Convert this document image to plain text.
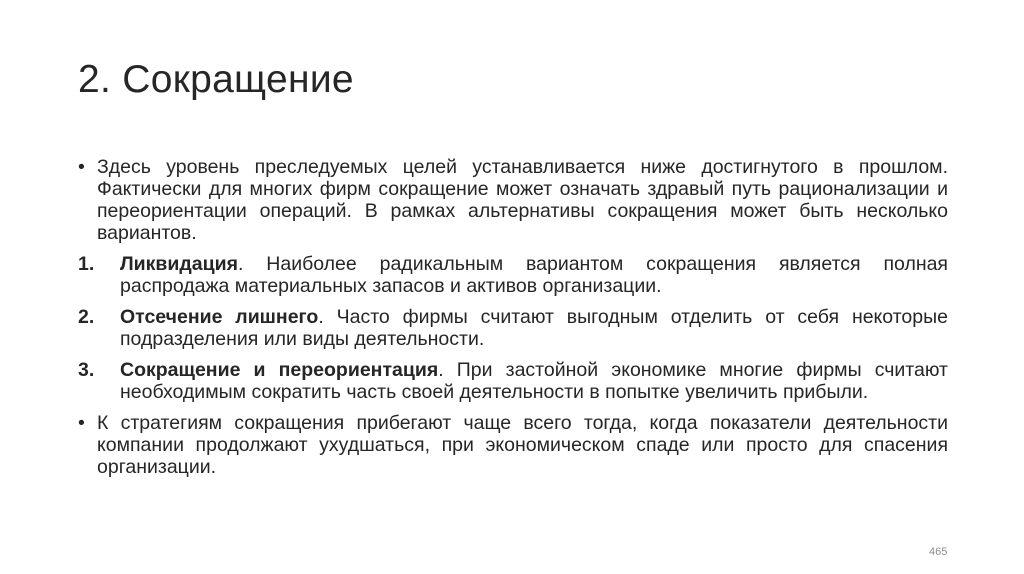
2. Сокращение
• Здесь уровень преследуемых целей устанавливается ниже достигнутого в прошлом. Фактически для многих фирм сокращение может означать здравый путь рационализации и переориентации операций. В рамках альтернативы сокращения может быть несколько вариантов.
1. Ликвидация. Наиболее радикальным вариантом сокращения является полная распродажа материальных запасов и активов организации.
2. Отсечение лишнего. Часто фирмы считают выгодным отделить от себя некоторые подразделения или виды деятельности.
3. Сокращение и переориентация. При застойной экономике многие фирмы считают необходимым сократить часть своей деятельности в попытке увеличить прибыли.
• К стратегиям сокращения прибегают чаще всего тогда, когда показатели деятельности компании продолжают ухудшаться, при экономическом спаде или просто для спасения организации.
465
